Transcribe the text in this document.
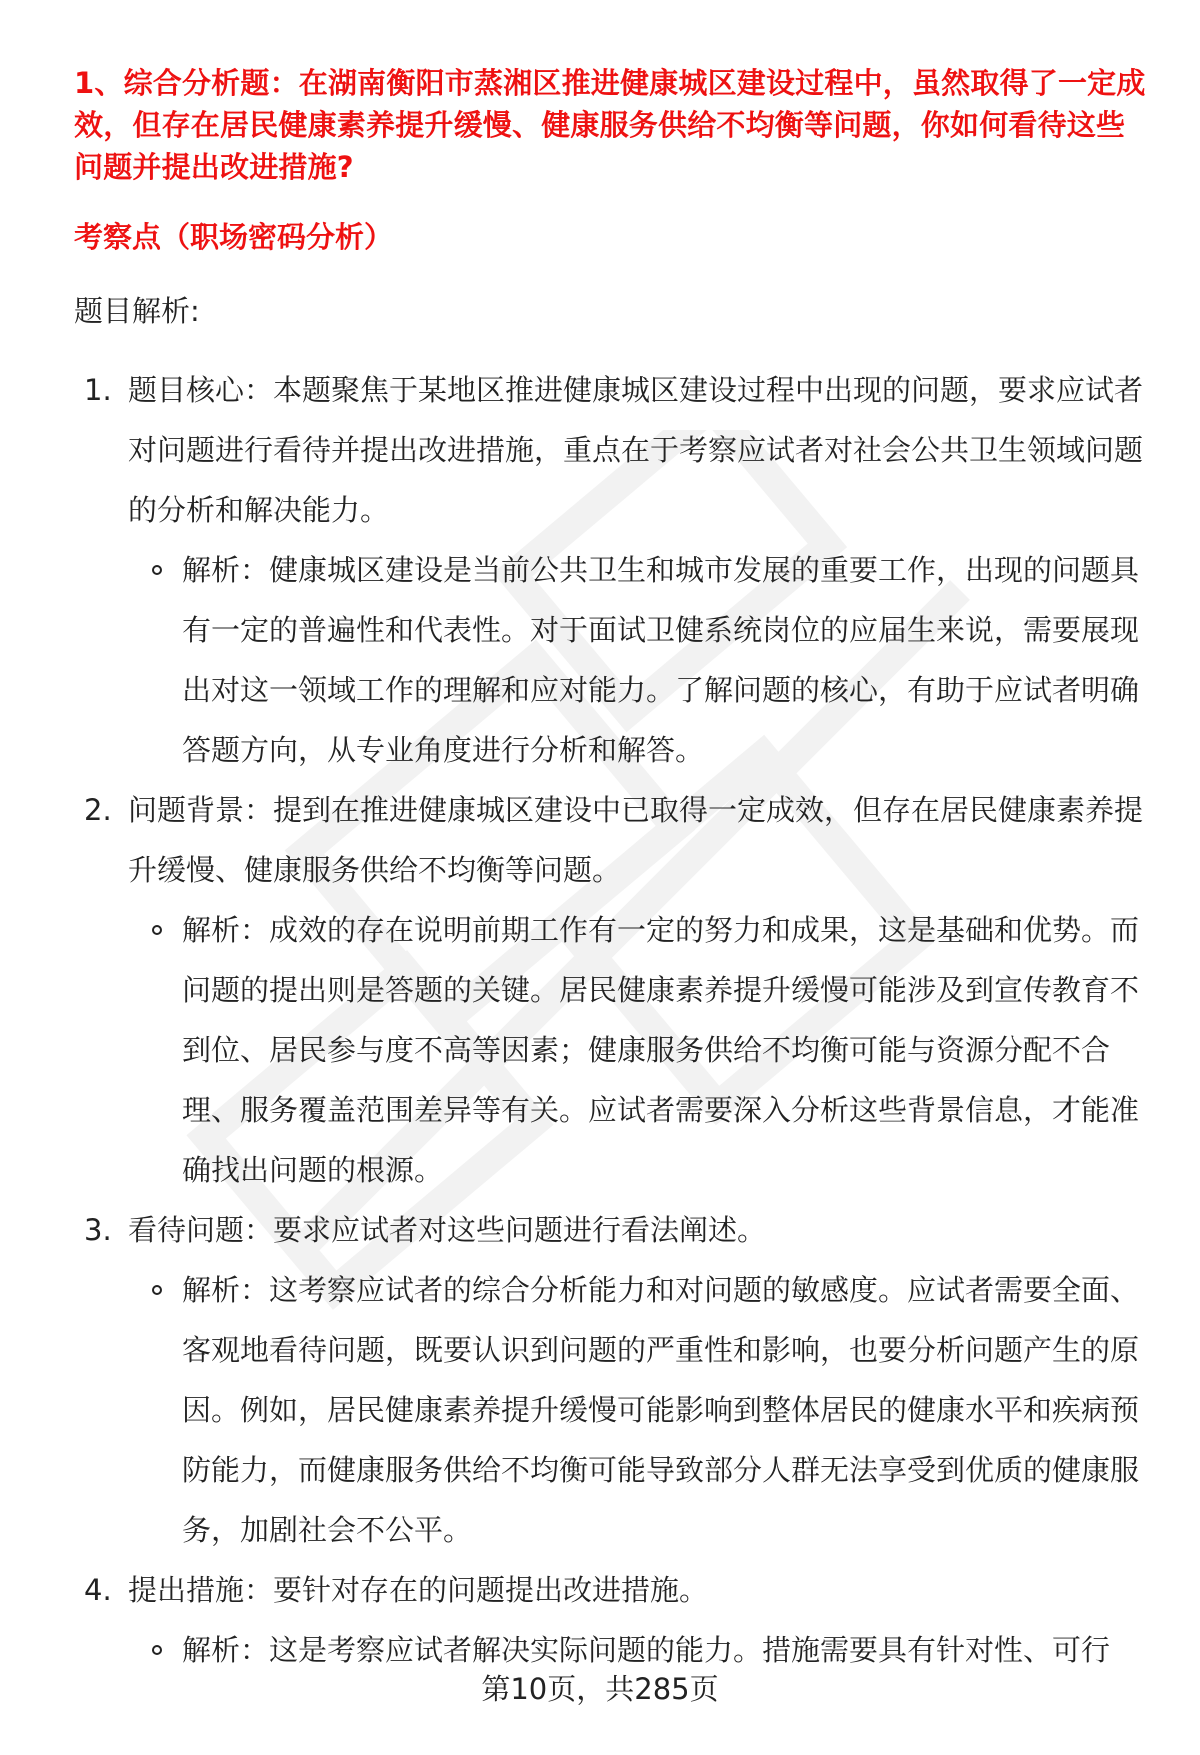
1、综合分析题：在湖南衡阳市蒸湘区推进健康城区建设过程中，虽然取得了一定成效，但存在居民健康素养提升缓慢、健康服务供给不均衡等问题，你如何看待这些问题并提出改进措施?
考察点（职场密码分析）
题目解析:
1. 题目核心：本题聚焦于某地区推进健康城区建设过程中出现的问题，要求应试者对问题进行看待并提出改进措施，重点在于考察应试者对社会公共卫生领域问题的分析和解决能力。
解析：健康城区建设是当前公共卫生和城市发展的重要工作，出现的问题具有一定的普遍性和代表性。对于面试卫健系统岗位的应届生来说，需要展现出对这一领域工作的理解和应对能力。了解问题的核心，有助于应试者明确答题方向，从专业角度进行分析和解答。
2. 问题背景：提到在推进健康城区建设中已取得一定成效，但存在居民健康素养提升缓慢、健康服务供给不均衡等问题。
解析：成效的存在说明前期工作有一定的努力和成果，这是基础和优势。而问题的提出则是答题的关键。居民健康素养提升缓慢可能涉及到宣传教育不到位、居民参与度不高等因素；健康服务供给不均衡可能与资源分配不合理、服务覆盖范围差异等有关。应试者需要深入分析这些背景信息，才能准确找出问题的根源。
3. 看待问题：要求应试者对这些问题进行看法阐述。
解析：这考察应试者的综合分析能力和对问题的敏感度。应试者需要全面、客观地看待问题，既要认识到问题的严重性和影响，也要分析问题产生的原因。例如，居民健康素养提升缓慢可能影响到整体居民的健康水平和疾病预防能力，而健康服务供给不均衡可能导致部分人群无法享受到优质的健康服务，加剧社会不公平。
4. 提出措施：要针对存在的问题提出改进措施。
解析：这是考察应试者解决实际问题的能力。措施需要具有针对性、可行
第10页，共285页
